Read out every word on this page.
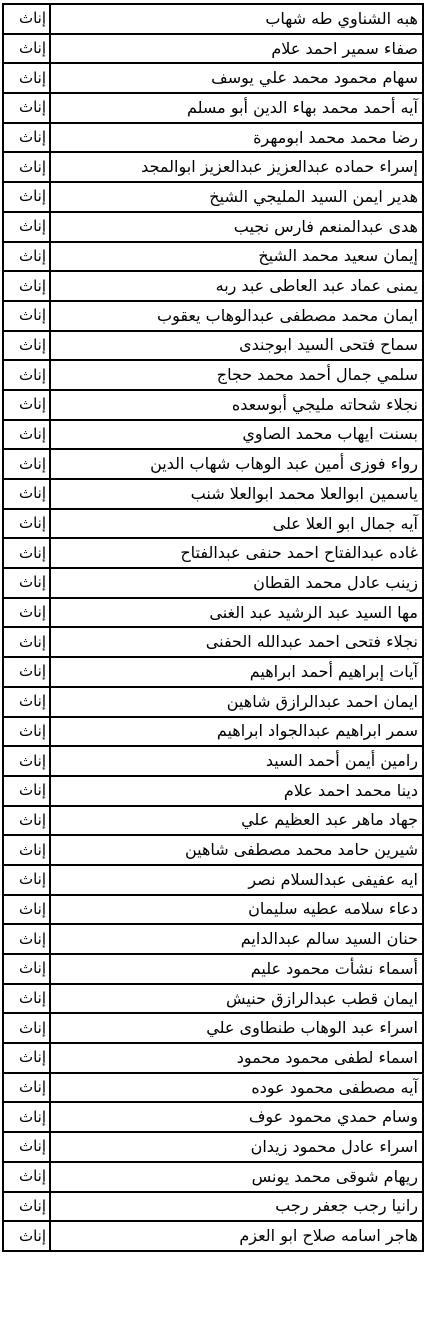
هبه الشناوي طه شهاب	إناث
صفاء سمير احمد علام	إناث
سهام محمود محمد علي يوسف	إناث
آيه أحمد محمد بهاء الدين أبو مسلم	إناث
رضا محمد محمد ابومهرة	إناث
إسراء حماده عبدالعزيز عبدالعزيز ابوالمجد	إناث
هدير ايمن السيد المليجي الشيخ	إناث
هدى عبدالمنعم فارس نجيب	إناث
إيمان سعيد محمد الشيخ	إناث
يمنى عماد عبد العاطى عبد ربه	إناث
ايمان محمد مصطفى عبدالوهاب يعقوب	إناث
سماح فتحى السيد ابوجندى	إناث
سلمي جمال أحمد محمد حجاج	إناث
نجلاء شحاته مليجي أبوسعده	إناث
بسنت ايهاب محمد الصاوي	إناث
رواء فوزى أمين عبد الوهاب شهاب الدين	إناث
ياسمين ابوالعلا محمد ابوالعلا شنب	إناث
آيه جمال ابو العلا على	إناث
غاده عبدالفتاح احمد حنفى عبدالفتاح	إناث
زينب عادل محمد القطان	إناث
مها السيد عبد الرشيد عبد الغنى	إناث
نجلاء فتحى احمد عبدالله الحفنى	إناث
آيات إبراهيم أحمد ابراهيم	إناث
ايمان احمد عبدالرازق شاهين	إناث
سمر ابراهيم عبدالجواد ابراهيم	إناث
رامين أيمن أحمد السيد	إناث
دينا محمد احمد علام	إناث
جهاد ماهر عبد العظيم علي	إناث
شيرين حامد محمد مصطفى شاهين	إناث
ايه عفيفى عبدالسلام نصر	إناث
دعاء سلامه عطيه سليمان	إناث
حنان السيد سالم عبدالدايم	إناث
أسماء نشأت محمود عليم	إناث
ايمان قطب عبدالرازق حنيش	إناث
اسراء عبد الوهاب طنطاوى علي	إناث
اسماء لطفى محمود محمود	إناث
آيه مصطفى محمود عوده	إناث
وسام حمدي محمود عوف	إناث
اسراء عادل محمود زيدان	إناث
ريهام شوقى محمد يونس	إناث
رانيا رجب جعفر رجب	إناث
هاجر اسامه صلاح ابو العزم	إناث
